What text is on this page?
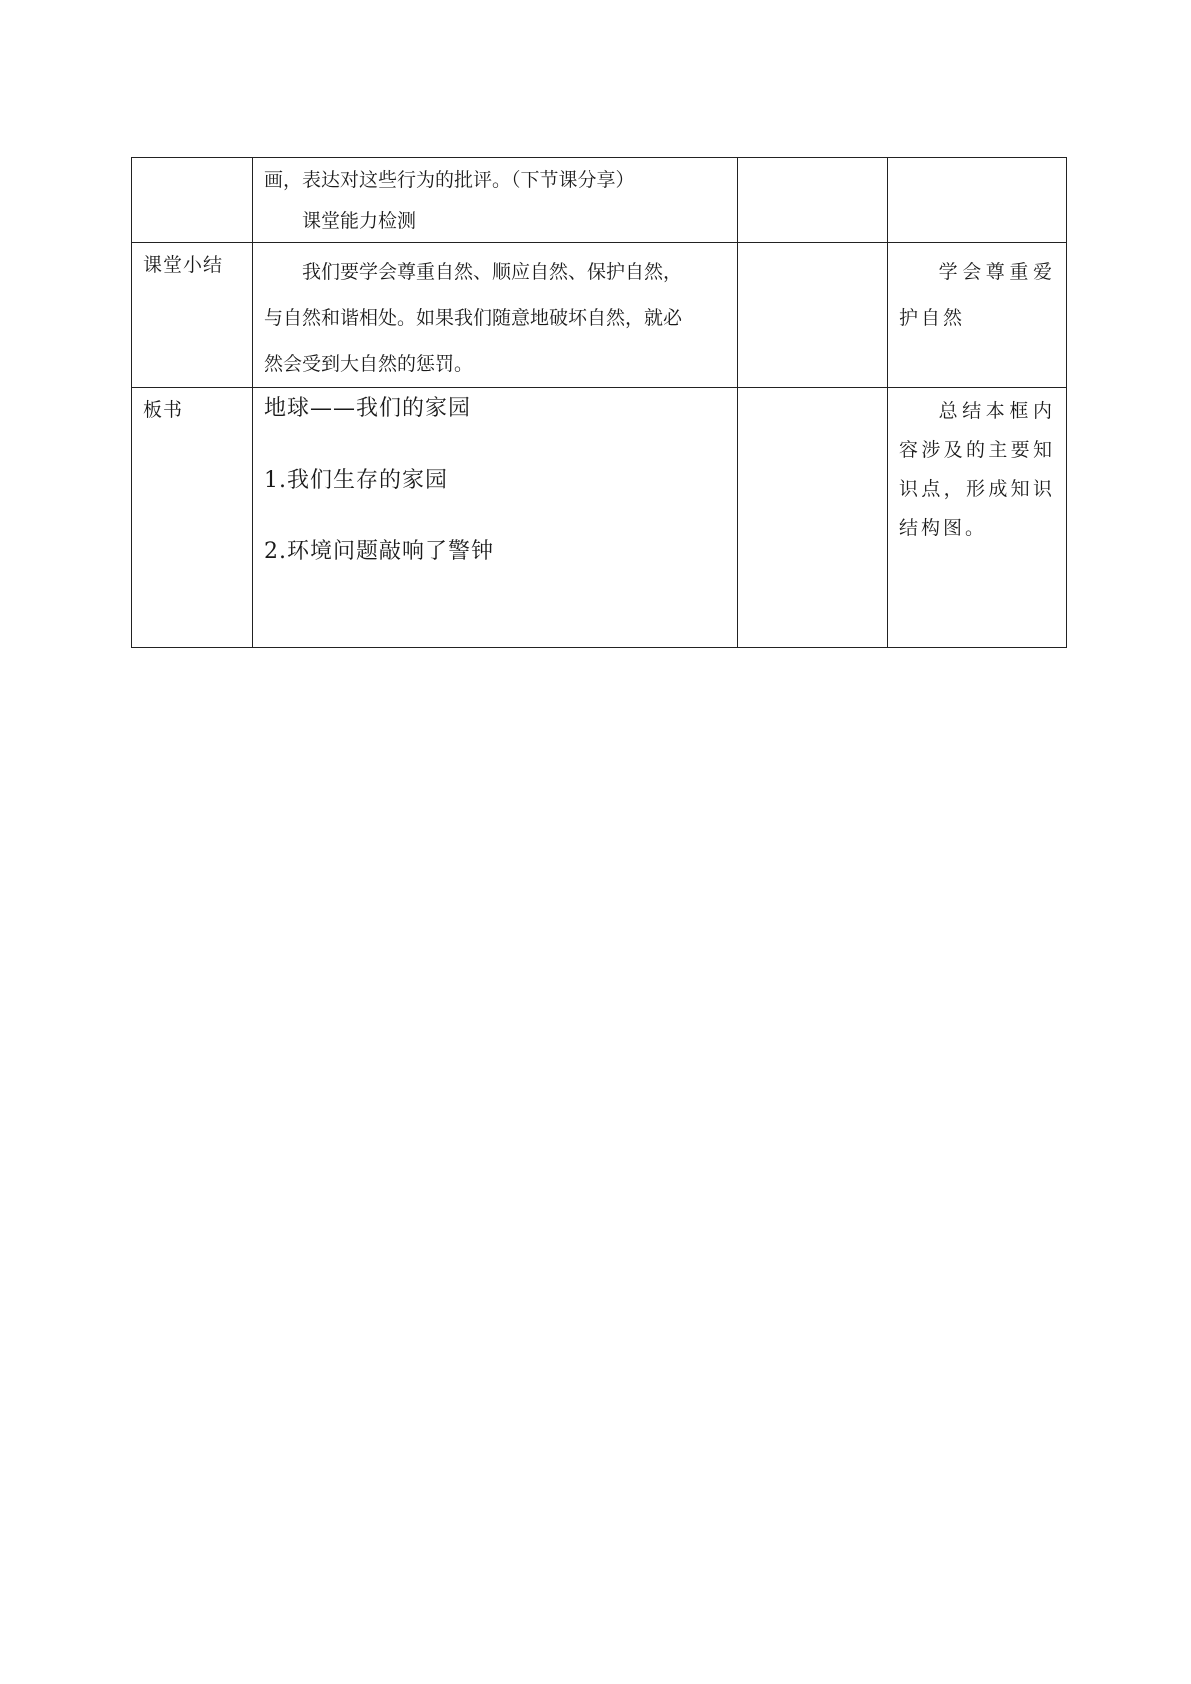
	画，表达对这些行为的批评。（下节课分享）

课堂能力检测		

课堂小结	我们要学会尊重自然、顺应自然、保护自然，

与自然和谐相处。如果我们随意地破坏自然，就必

然会受到大自然的惩罚。		学会尊重爱护自然

板书	地球——我们的家园

1.我们生存的家园

2.环境问题敲响了警钟		总结本框内容涉及的主要知识点，形成知识结构图。
